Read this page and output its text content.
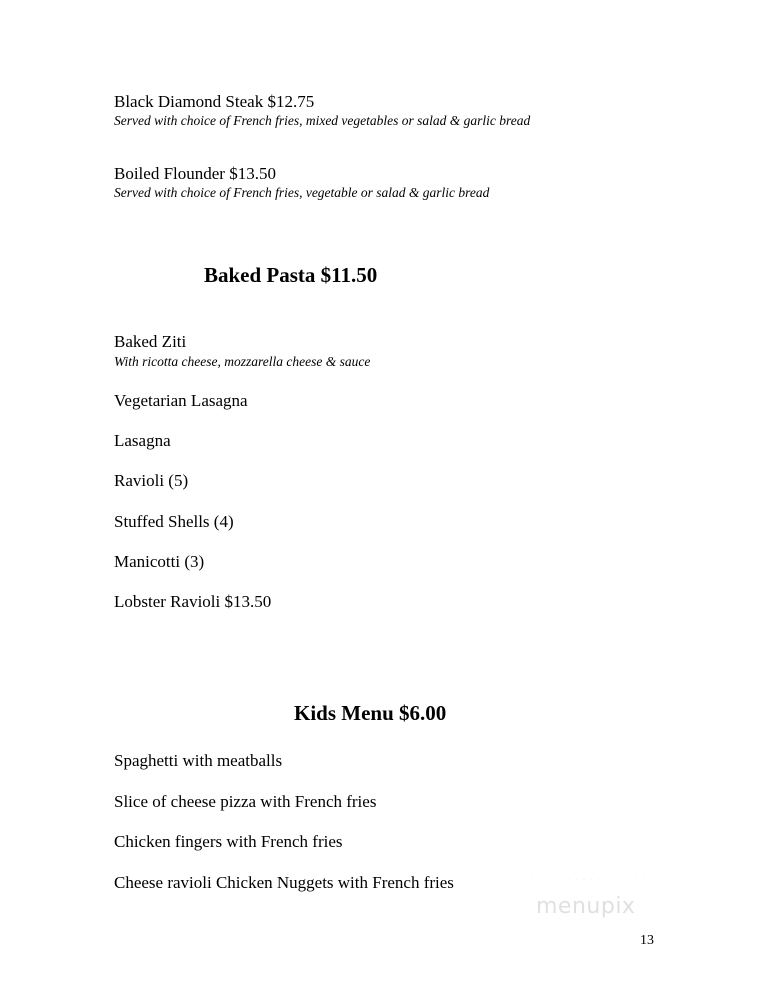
Black Diamond Steak $12.75
Served with choice of French fries, mixed vegetables or salad & garlic bread
Boiled Flounder $13.50
Served with choice of French fries, vegetable or salad & garlic bread
Baked Pasta $11.50
Baked Ziti
With ricotta cheese, mozzarella cheese & sauce
Vegetarian Lasagna
Lasagna
Ravioli (5)
Stuffed Shells (4)
Manicotti (3)
Lobster Ravioli $13.50
Kids Menu $6.00
Spaghetti with meatballs
Slice of cheese pizza with French fries
Chicken fingers with French fries
Cheese ravioli Chicken Nuggets with French fries	· · · · · · · · · · · · · · · ·
menupix
13
